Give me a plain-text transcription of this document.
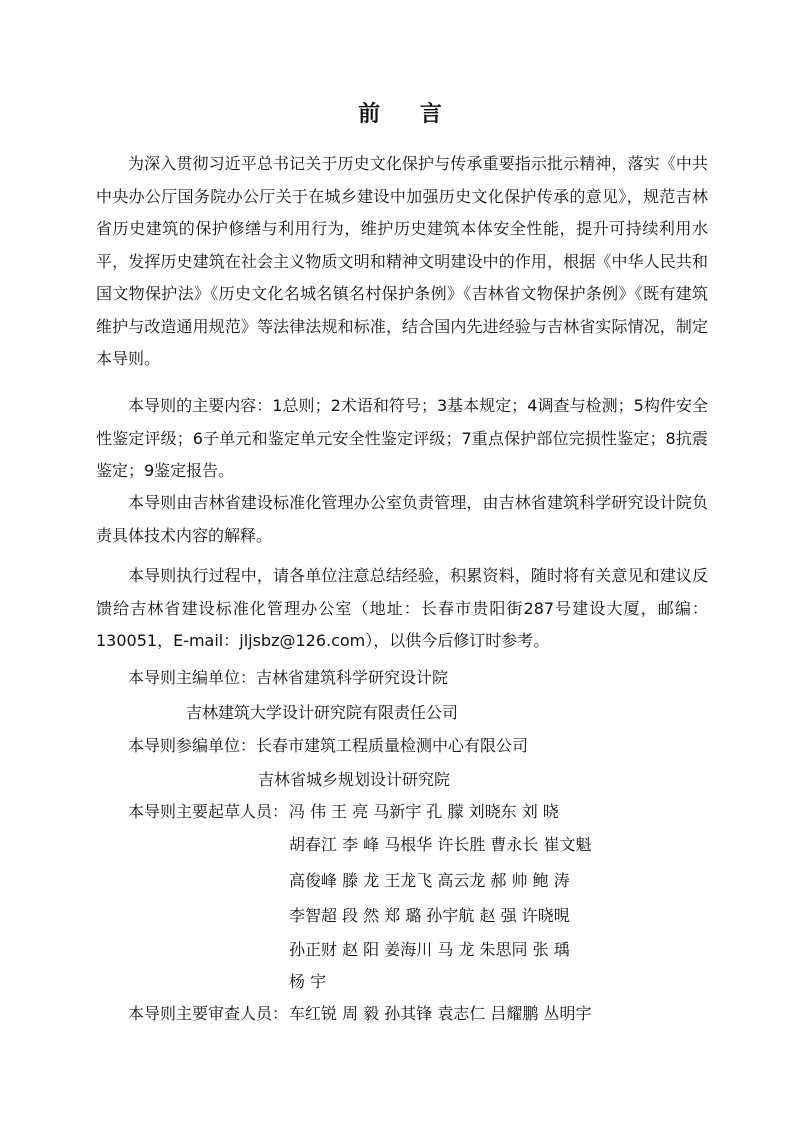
前 言

为深入贯彻习近平总书记关于历史文化保护与传承重要指示批示精神，落实《中共中央办公厅国务院办公厅关于在城乡建设中加强历史文化保护传承的意见》，规范吉林省历史建筑的保护修缮与利用行为，维护历史建筑本体安全性能，提升可持续利用水平，发挥历史建筑在社会主义物质文明和精神文明建设中的作用，根据《中华人民共和国文物保护法》《历史文化名城名镇名村保护条例》《吉林省文物保护条例》《既有建筑维护与改造通用规范》等法律法规和标准，结合国内先进经验与吉林省实际情况，制定本导则。

本导则的主要内容：1总则；2术语和符号；3基本规定；4调查与检测；5构件安全性鉴定评级；6子单元和鉴定单元安全性鉴定评级；7重点保护部位完损性鉴定；8抗震鉴定；9鉴定报告。

本导则由吉林省建设标准化管理办公室负责管理，由吉林省建筑科学研究设计院负责具体技术内容的解释。

本导则执行过程中，请各单位注意总结经验，积累资料，随时将有关意见和建议反馈给吉林省建设标准化管理办公室（地址：长春市贵阳街287号建设大厦，邮编：130051，E-mail：jljsbz@126.com），以供今后修订时参考。

本导则主编单位： 吉林省建筑科学研究设计院

吉林建筑大学设计研究院有限责任公司

本导则参编单位： 长春市建筑工程质量检测中心有限公司

吉林省城乡规划设计研究院

本导则主要起草人员： 冯 伟 王 亮 马新宇 孔 朦 刘晓东 刘 晓

胡春江 李 峰 马根华 许长胜 曹永长 崔文魁

高俊峰 滕 龙 王龙飞 高云龙 郝 帅 鲍 涛

李智超 段 然 郑 璐 孙宇航 赵 强 许晓晛

孙正财 赵 阳 姜海川 马 龙 朱思同 张 瑀

杨 宇

本导则主要审查人员： 车红锐 周 毅 孙其锋 袁志仁 吕耀鹏 丛明宇
